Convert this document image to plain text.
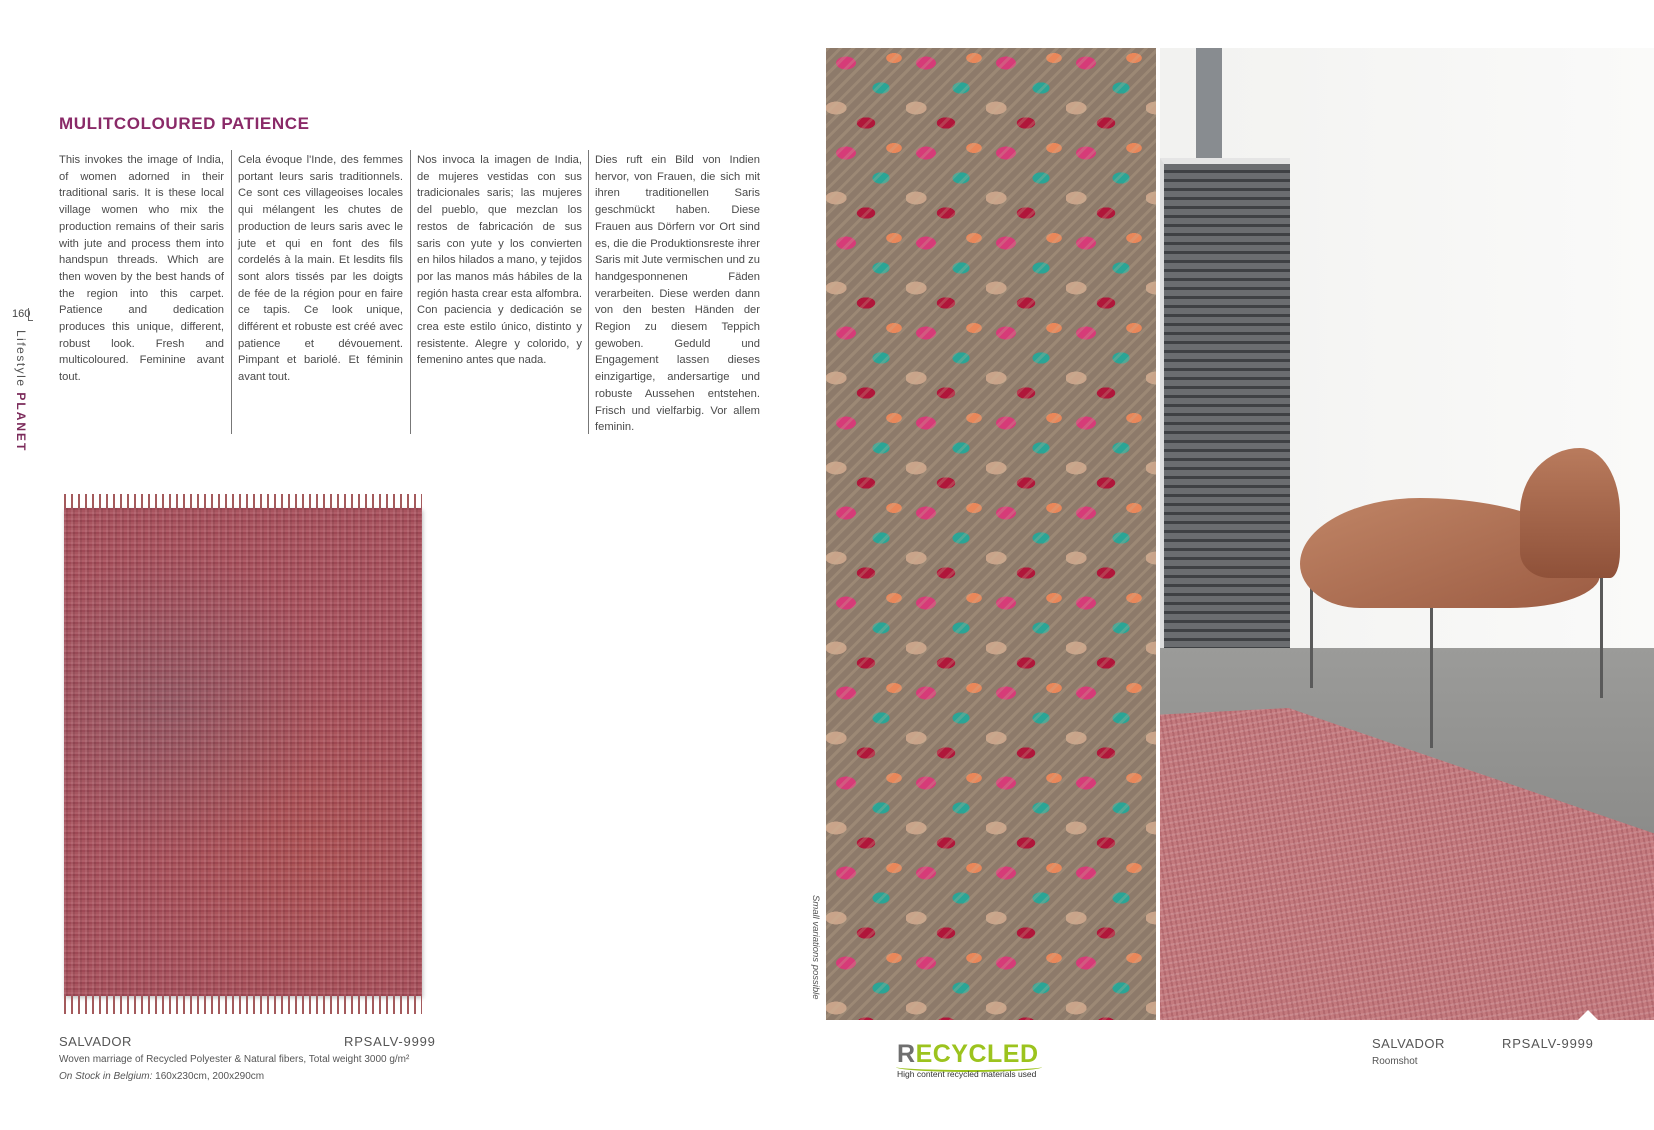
160
Lifestyle PLANET
MULITCOLOURED PATIENCE
This invokes the image of India, of women adorned in their traditional saris. It is these local village women who mix the production remains of their saris with jute and process them into handspun threads. Which are then woven by the best hands of the region into this carpet. Patience and dedication produces this unique, different, robust look. Fresh and multicoloured. Feminine avant tout.
Cela évoque l'Inde, des femmes portant leurs saris traditionnels. Ce sont ces villageoises locales qui mélangent les chutes de production de leurs saris avec le jute et qui en font des fils cordelés à la main. Et lesdits fils sont alors tissés par les doigts de fée de la région pour en faire ce tapis. Ce look unique, différent et robuste est créé avec patience et dévouement. Pimpant et bariolé. Et féminin avant tout.
Nos invoca la imagen de India, de mujeres vestidas con sus tradicionales saris; las mujeres del pueblo, que mezclan los restos de fabricación de sus saris con yute y los convierten en hilos hilados a mano, y tejidos por las manos más hábiles de la región hasta crear esta alfombra. Con paciencia y dedicación se crea este estilo único, distinto y resistente. Alegre y colorido, y femenino antes que nada.
Dies ruft ein Bild von Indien hervor, von Frauen, die sich mit ihren traditionellen Saris geschmückt haben. Diese Frauen aus Dörfern vor Ort sind es, die die Produktionsreste ihrer Saris mit Jute vermischen und zu handgesponnenen Fäden verarbeiten. Diese werden dann von den besten Händen der Region zu diesem Teppich gewoben. Geduld und Engagement lassen dieses einzigartige, andersartige und robuste Aussehen entstehen. Frisch und vielfarbig. Vor allem feminin.
SALVADOR	RPSALV-9999
Woven marriage of Recycled Polyester & Natural fibers, Total weight 3000 g/m²
On Stock in Belgium: 160x230cm, 200x290cm
Small variations possible
SALVADOR	RPSALV-9999
Roomshot
RECYCLED
High content recycled materials used
